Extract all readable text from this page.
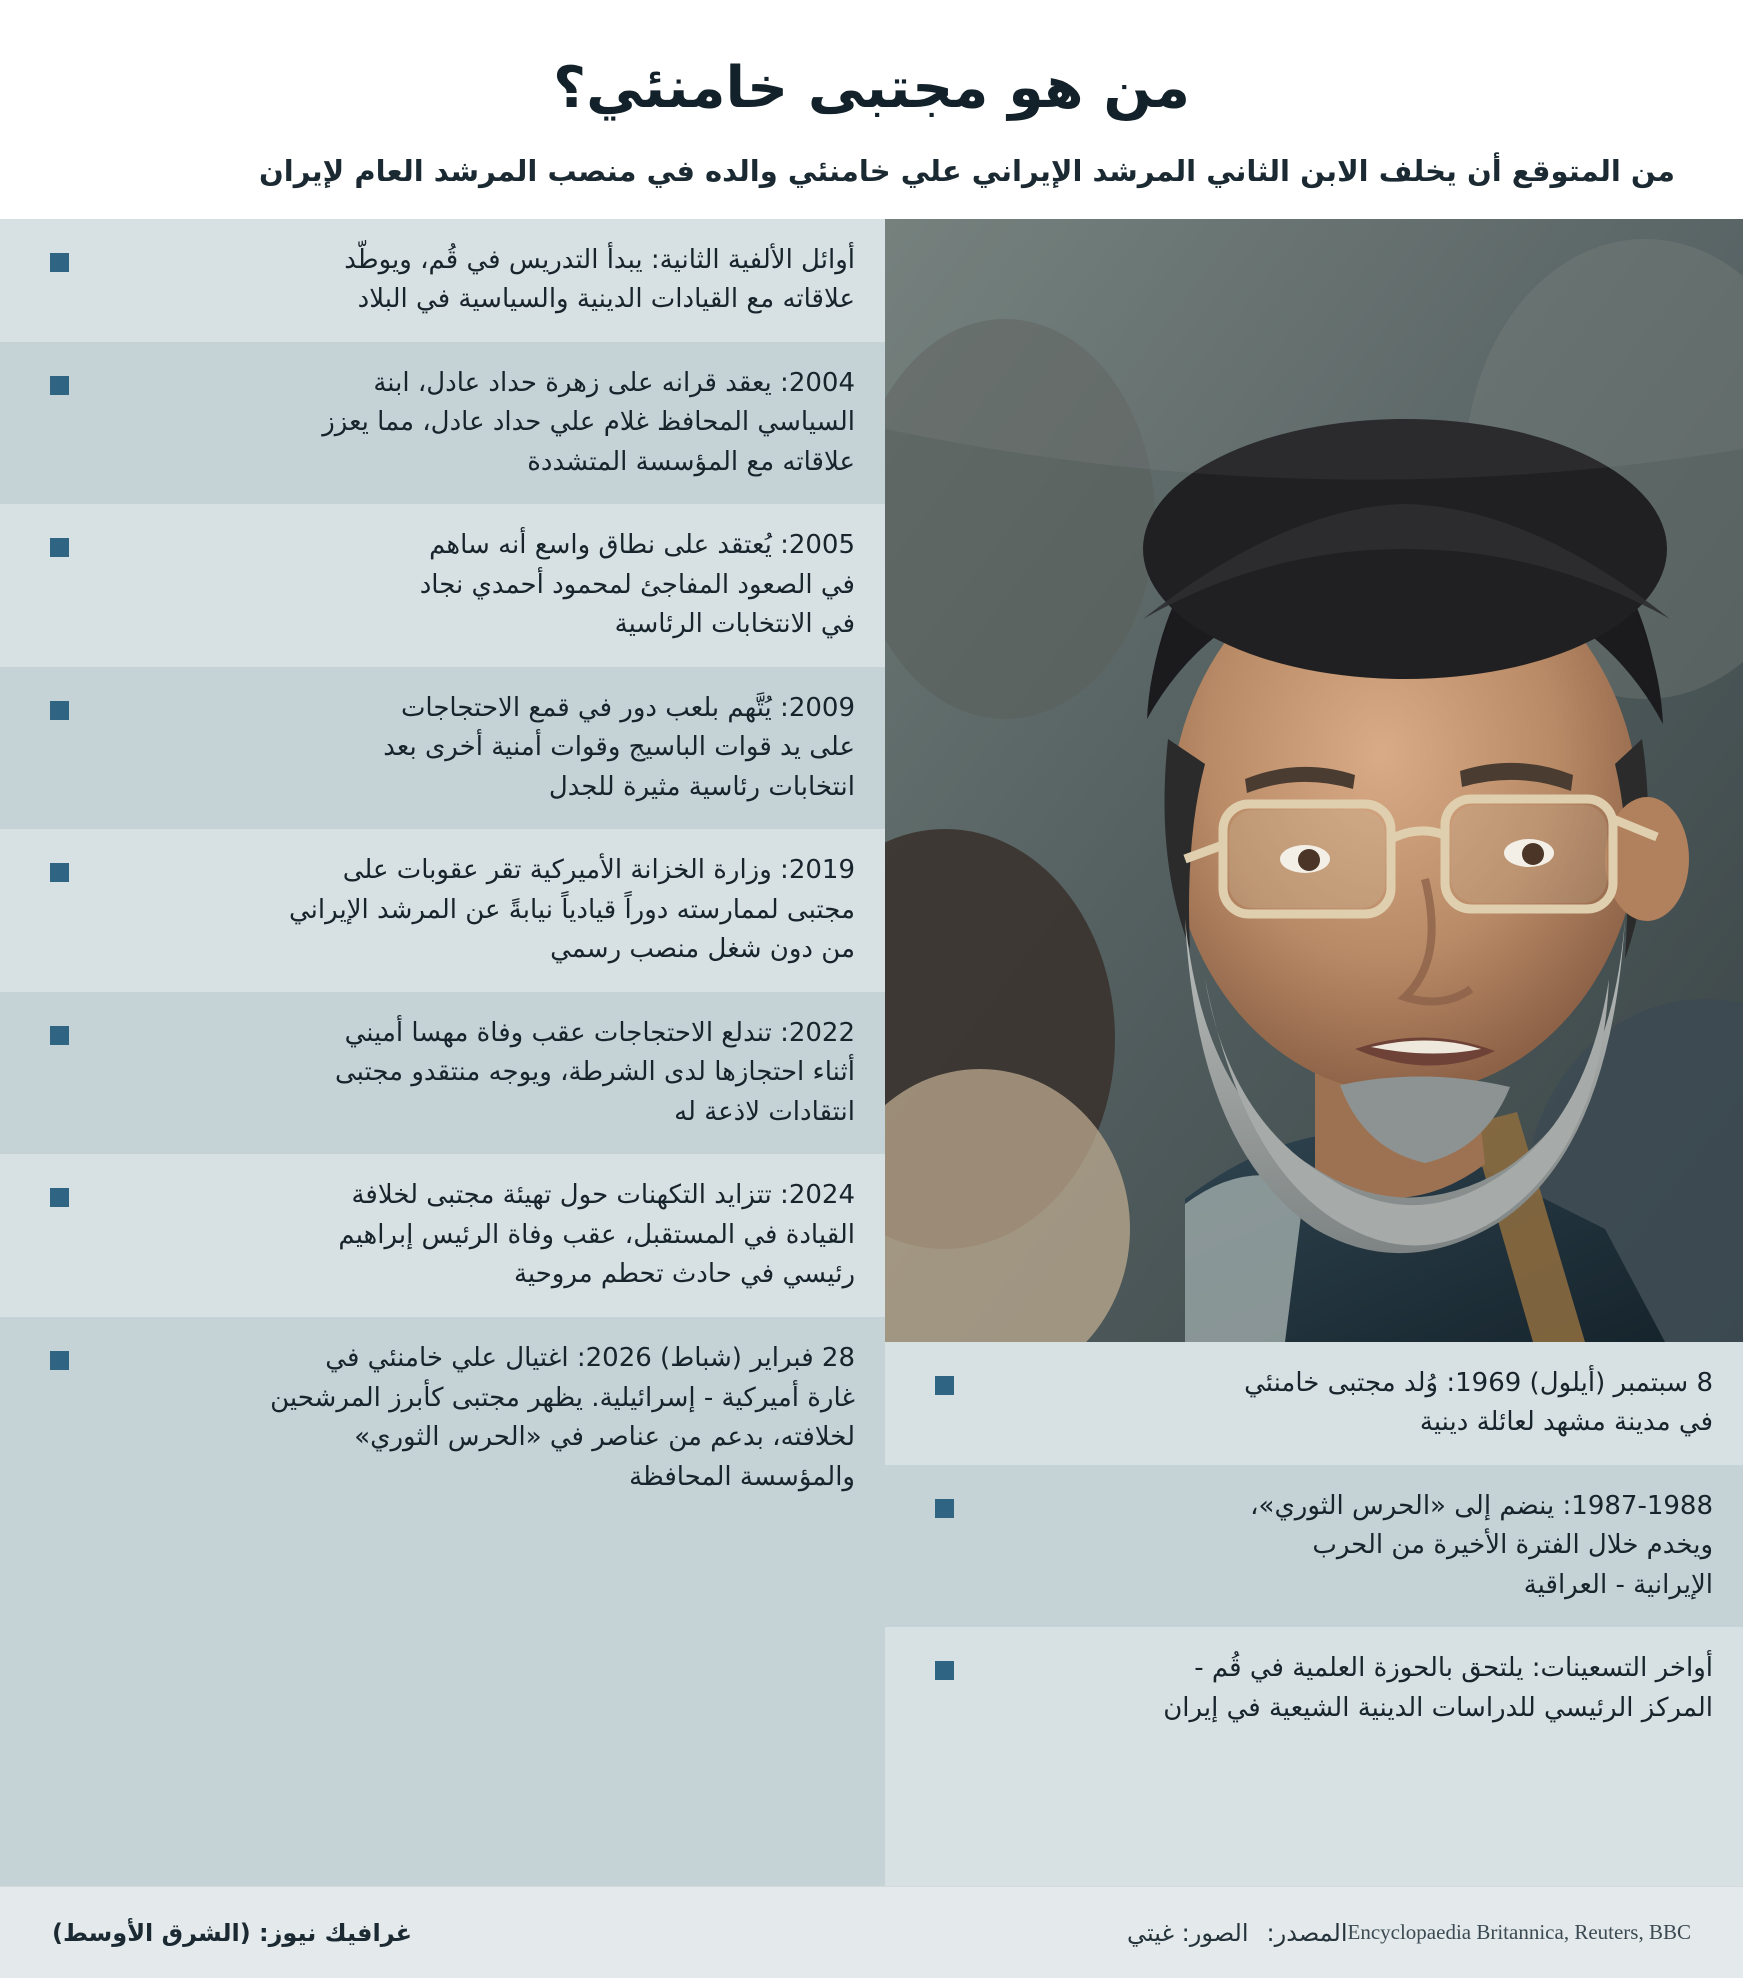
من هو مجتبى خامنئي؟

من المتوقع أن يخلف الابن الثاني المرشد الإيراني علي خامنئي والده في منصب المرشد العام لإيران

8 سبتمبر (أيلول) 1969: وُلد مجتبى خامنئي
في مدينة مشهد لعائلة دينية
1987-1988: ينضم إلى «الحرس الثوري»،
ويخدم خلال الفترة الأخيرة من الحرب
الإيرانية - العراقية
أواخر التسعينات: يلتحق بالحوزة العلمية في قُم -
المركز الرئيسي للدراسات الدينية الشيعية في إيران
أوائل الألفية الثانية: يبدأ التدريس في قُم، ويوطّد
علاقاته مع القيادات الدينية والسياسية في البلاد
2004: يعقد قرانه على زهرة حداد عادل، ابنة
السياسي المحافظ غلام علي حداد عادل، مما يعزز
علاقاته مع المؤسسة المتشددة
2005: يُعتقد على نطاق واسع أنه ساهم
في الصعود المفاجئ لمحمود أحمدي نجاد
في الانتخابات الرئاسية
2009: يُتَّهم بلعب دور في قمع الاحتجاجات
على يد قوات الباسيج وقوات أمنية أخرى بعد
انتخابات رئاسية مثيرة للجدل
2019: وزارة الخزانة الأميركية تقر عقوبات على
مجتبى لممارسته دوراً قيادياً نيابةً عن المرشد الإيراني
من دون شغل منصب رسمي
2022: تندلع الاحتجاجات عقب وفاة مهسا أميني
أثناء احتجازها لدى الشرطة، ويوجه منتقدو مجتبى
انتقادات لاذعة له
2024: تتزايد التكهنات حول تهيئة مجتبى لخلافة
القيادة في المستقبل، عقب وفاة الرئيس إبراهيم
رئيسي في حادث تحطم مروحية
28 فبراير (شباط) 2026: اغتيال علي خامنئي في
غارة أميركية - إسرائيلية. يظهر مجتبى كأبرز المرشحين
لخلافته، بدعم من عناصر في «الحرس الثوري»
والمؤسسة المحافظة
غرافيك نيوز: (الشرق الأوسط)	الصور: غيتي المصدر: Encyclopaedia Britannica, Reuters, BBC
